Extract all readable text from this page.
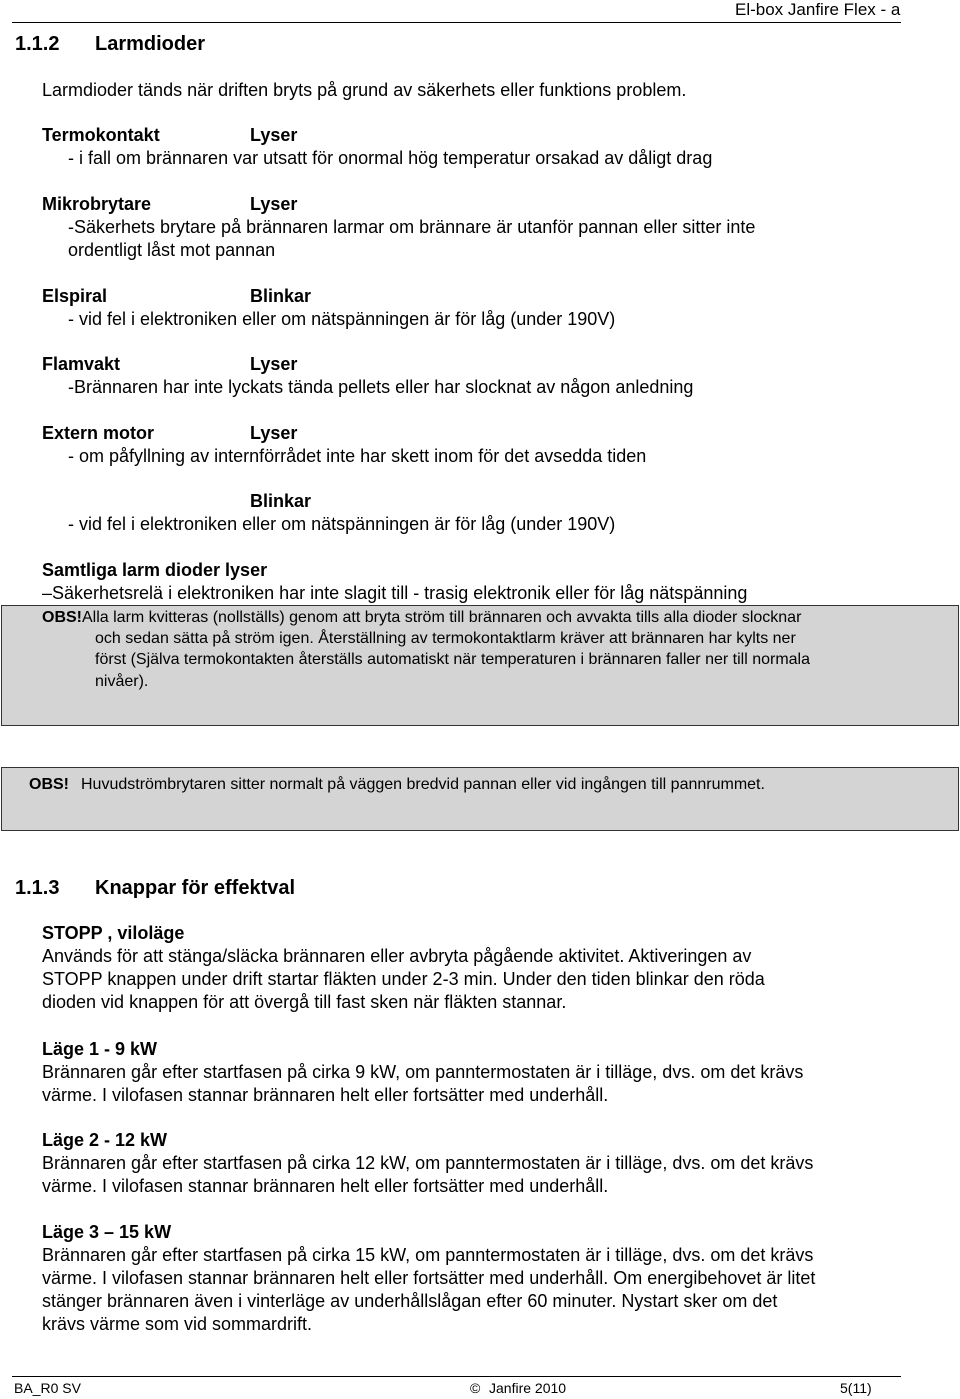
El-box Janfire Flex - a
1.1.2 Larmdioder
Larmdioder tänds när driften bryts på grund av säkerhets eller funktions problem.
Termokontakt	Lyser
- i fall om brännaren var utsatt för onormal hög temperatur orsakad av dåligt drag
Mikrobrytare	Lyser
-Säkerhets brytare på brännaren larmar om brännare är utanför pannan eller sitter inte
ordentligt låst mot pannan
Elspiral	Blinkar
- vid fel i elektroniken eller om nätspänningen är för låg (under 190V)
Flamvakt	Lyser
-Brännaren har inte lyckats tända pellets eller har slocknat av någon anledning
Extern motor	Lyser
- om påfyllning av internförrådet inte har skett inom för det avsedda tiden
Blinkar
- vid fel i elektroniken eller om nätspänningen är för låg (under 190V)
Samtliga larm dioder lyser
–Säkerhetsrelä i elektroniken har inte slagit till - trasig elektronik eller för låg nätspänning
OBS! Alla larm kvitteras (nollställs) genom att bryta ström till brännaren och avvakta tills alla dioder slocknar
och sedan sätta på ström igen. Återställning av termokontaktlarm kräver att brännaren har kylts ner
först (Själva termokontakten återställs automatiskt när temperaturen i brännaren faller ner till normala
nivåer).
OBS! Huvudströmbrytaren sitter normalt på väggen bredvid pannan eller vid ingången till pannrummet.
1.1.3 Knappar för effektval
STOPP , viloläge
Används för att stänga/släcka brännaren eller avbryta pågående aktivitet. Aktiveringen av
STOPP knappen under drift startar fläkten under 2-3 min. Under den tiden blinkar den röda
dioden vid knappen för att övergå till fast sken när fläkten stannar.
Läge 1 - 9 kW
Brännaren går efter startfasen på cirka 9 kW, om panntermostaten är i tilläge, dvs. om det krävs
värme. I vilofasen stannar brännaren helt eller fortsätter med underhåll.
Läge 2 - 12 kW
Brännaren går efter startfasen på cirka 12 kW, om panntermostaten är i tilläge, dvs. om det krävs
värme. I vilofasen stannar brännaren helt eller fortsätter med underhåll.
Läge 3 – 15 kW
Brännaren går efter startfasen på cirka 15 kW, om panntermostaten är i tilläge, dvs. om det krävs
värme. I vilofasen stannar brännaren helt eller fortsätter med underhåll. Om energibehovet är litet
stänger brännaren även i vinterläge av underhållslågan efter 60 minuter. Nystart sker om det
krävs värme som vid sommardrift.
BA_R0 SV	© Janfire 2010	5(11)
